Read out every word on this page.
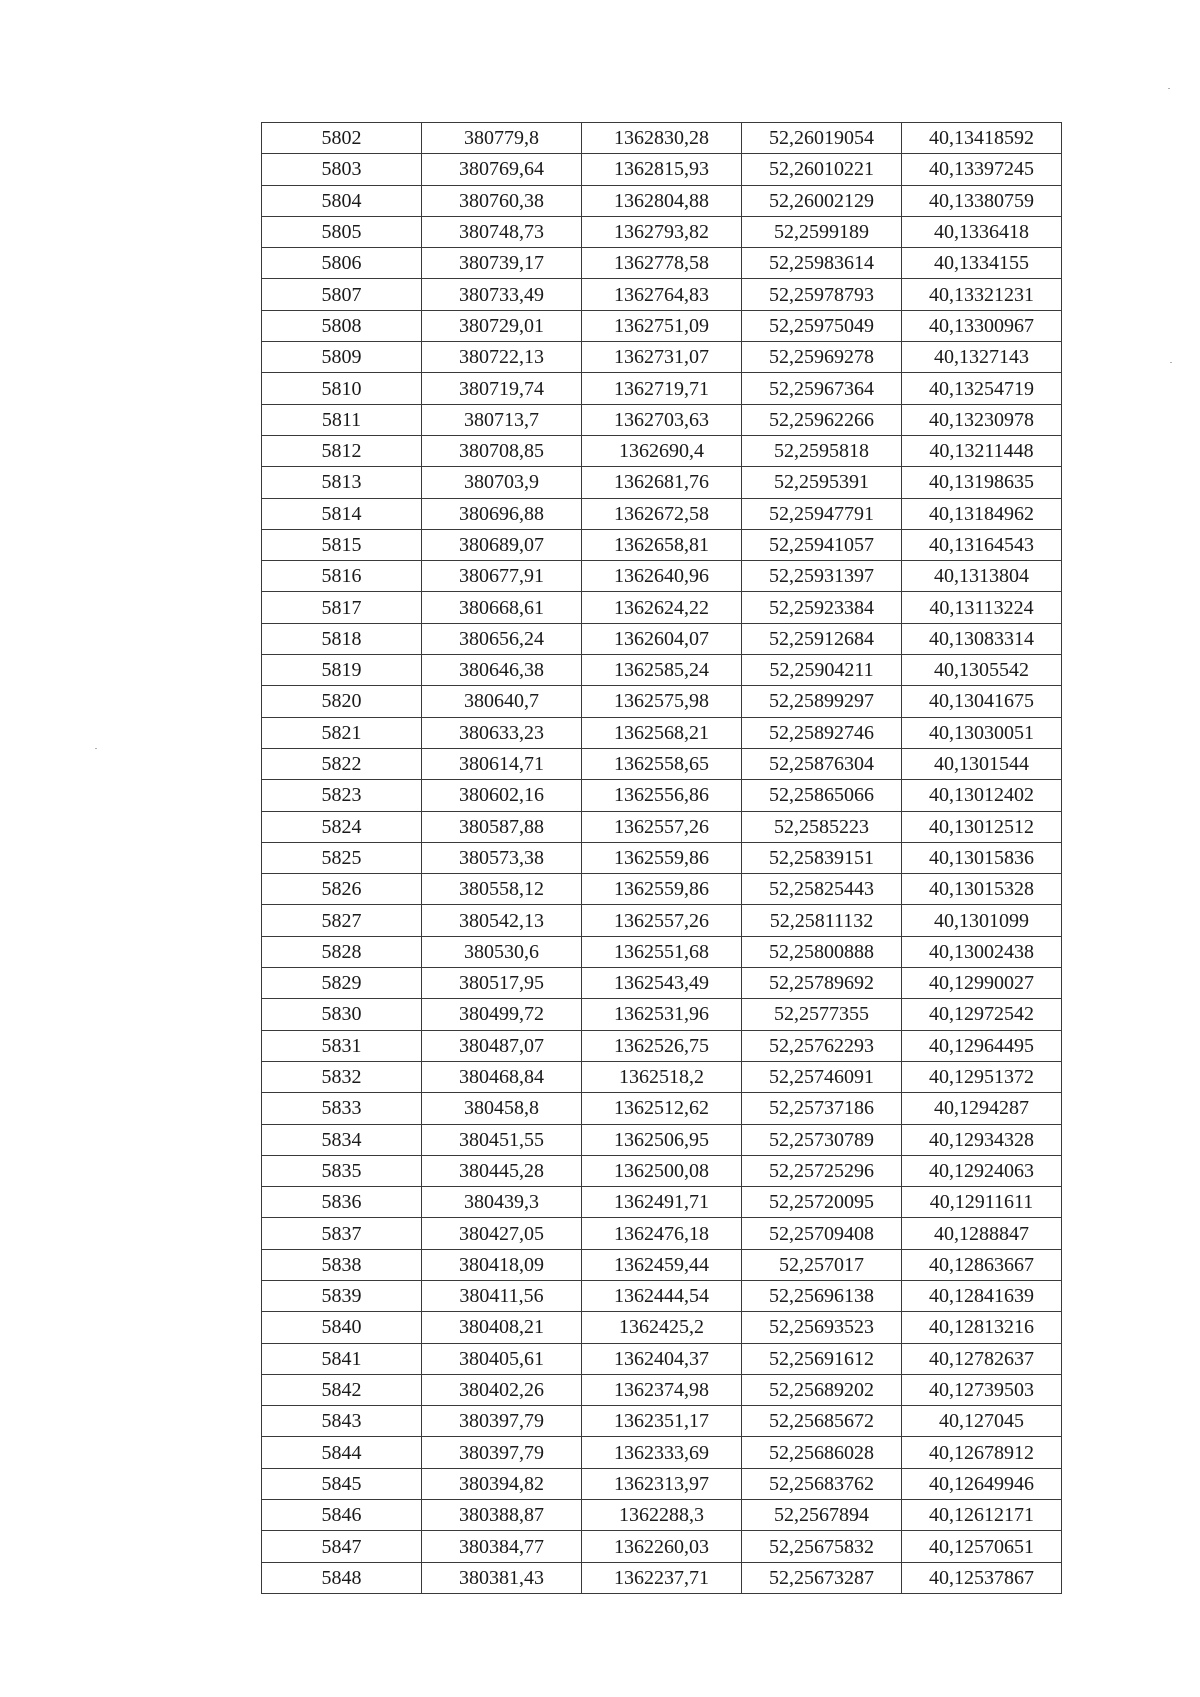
5802	380779,8	1362830,28	52,26019054	40,13418592
5803	380769,64	1362815,93	52,26010221	40,13397245
5804	380760,38	1362804,88	52,26002129	40,13380759
5805	380748,73	1362793,82	52,2599189	40,1336418
5806	380739,17	1362778,58	52,25983614	40,1334155
5807	380733,49	1362764,83	52,25978793	40,13321231
5808	380729,01	1362751,09	52,25975049	40,13300967
5809	380722,13	1362731,07	52,25969278	40,1327143
5810	380719,74	1362719,71	52,25967364	40,13254719
5811	380713,7	1362703,63	52,25962266	40,13230978
5812	380708,85	1362690,4	52,2595818	40,13211448
5813	380703,9	1362681,76	52,2595391	40,13198635
5814	380696,88	1362672,58	52,25947791	40,13184962
5815	380689,07	1362658,81	52,25941057	40,13164543
5816	380677,91	1362640,96	52,25931397	40,1313804
5817	380668,61	1362624,22	52,25923384	40,13113224
5818	380656,24	1362604,07	52,25912684	40,13083314
5819	380646,38	1362585,24	52,25904211	40,1305542
5820	380640,7	1362575,98	52,25899297	40,13041675
5821	380633,23	1362568,21	52,25892746	40,13030051
5822	380614,71	1362558,65	52,25876304	40,1301544
5823	380602,16	1362556,86	52,25865066	40,13012402
5824	380587,88	1362557,26	52,2585223	40,13012512
5825	380573,38	1362559,86	52,25839151	40,13015836
5826	380558,12	1362559,86	52,25825443	40,13015328
5827	380542,13	1362557,26	52,25811132	40,1301099
5828	380530,6	1362551,68	52,25800888	40,13002438
5829	380517,95	1362543,49	52,25789692	40,12990027
5830	380499,72	1362531,96	52,2577355	40,12972542
5831	380487,07	1362526,75	52,25762293	40,12964495
5832	380468,84	1362518,2	52,25746091	40,12951372
5833	380458,8	1362512,62	52,25737186	40,1294287
5834	380451,55	1362506,95	52,25730789	40,12934328
5835	380445,28	1362500,08	52,25725296	40,12924063
5836	380439,3	1362491,71	52,25720095	40,12911611
5837	380427,05	1362476,18	52,25709408	40,1288847
5838	380418,09	1362459,44	52,257017	40,12863667
5839	380411,56	1362444,54	52,25696138	40,12841639
5840	380408,21	1362425,2	52,25693523	40,12813216
5841	380405,61	1362404,37	52,25691612	40,12782637
5842	380402,26	1362374,98	52,25689202	40,12739503
5843	380397,79	1362351,17	52,25685672	40,127045
5844	380397,79	1362333,69	52,25686028	40,12678912
5845	380394,82	1362313,97	52,25683762	40,12649946
5846	380388,87	1362288,3	52,2567894	40,12612171
5847	380384,77	1362260,03	52,25675832	40,12570651
5848	380381,43	1362237,71	52,25673287	40,12537867
